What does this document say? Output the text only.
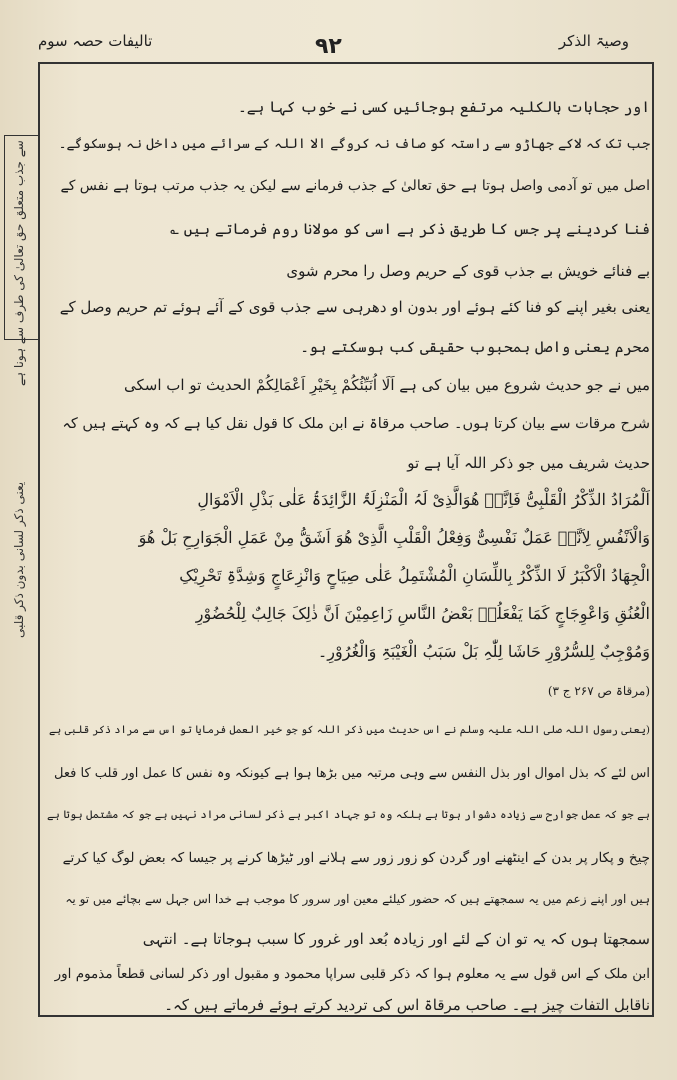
وصیۃ الذکر
۹۲
تالیفات حصہ سوم
سے جذب متعلق حق تعالیٰ کی طرف سے ہونا ہے
یعنی ذکر لسانی بدون ذکر قلبی
اور حجابات بالکلیہ مرتفع ہوجائیں کسی نے خوب کہا ہے۔
جب تک کہ لاکے جھاڑو سے راستہ کو صاف نہ کروگے الا اللہ کے سرائے میں داخل نہ ہوسکوگے۔
اصل میں تو آدمی واصل ہوتا ہے حق تعالیٰ کے جذب فرمانے سے لیکن یہ جذب مرتب ہوتا ہے نفس کے
فنا کردینے پر جس کا طریق ذکر ہے اسی کو مولانا روم فرماتے ہیں ؎
بے فنائے خویش بے جذب قوی کے حریم وصل را محرم شوی
یعنی بغیر اپنے کو فنا کئے ہوئے اور بدون او دھرہی سے جذب قوی کے آئے ہوئے تم حریم وصل کے
محرم یعنی واصل بمحبوب حقیقی کب ہوسکتے ہو۔
میں نے جو حدیث شروع میں بیان کی ہے اَلَا اُنَبِّئُکُمْ بِخَیْرِ اَعْمَالِکُمْ الحدیث تو اب اسکی
شرح مرقات سے بیان کرتا ہوں۔ صاحب مرقاۃ نے ابن ملک کا قول نقل کیا ہے کہ وہ کہتے ہیں کہ
حدیث شریف میں جو ذکر اللہ آیا ہے تو
اَلْمُرَادُ الذِّکْرُ الْقَلْبِیُّ فَاِنَّہٗ ھُوَالَّذِیْ لَہُ الْمَنْزِلَۃُ الزَّائِدَۃُ عَلٰی بَذْلِ الْاَمْوَالِ
وَالْاَنْفُسِ لِاَنَّہٗ عَمَلٌ نَفْسِیٌّ وَفِعْلُ الْقَلْبِ الَّذِیْ ھُوَ اَشَقُّ مِنْ عَمَلِ الْجَوَارِحِ بَلْ ھُوَ
الْجِھَادُ الْاَکْبَرُ لَا الذِّکْرُ بِاللِّسَانِ الْمُشْتَمِلُ عَلٰی صِیَاحٍ وَانْزِعَاجٍ وَشِدَّۃِ تَحْرِیْکِ
الْعُنُقِ وَاعْوِجَاجٍ کَمَا یَفْعَلُہٗ بَعْضُ النَّاسِ زَاعِمِیْنَ اَنَّ ذٰلِکَ جَالِبٌ لِلْحُضُوْرِ
وَمُوْجِبٌ لِلسُّرُوْرِ حَاشَا لِلّٰہِ بَلْ سَبَبُ الْغَیْبَۃِ وَالْغُرُوْرِ۔
(مرقاۃ ص ۲۶۷ ج ۳)
(یعنی رسول اللہ صلی اللہ علیہ وسلم نے اس حدیث میں ذکر اللہ کو جو خیر العمل فرمایا تو اس سے مراد ذکر قلبی ہے
اس لئے کہ بذل اموال اور بذل النفس سے وہی مرتبہ میں بڑھا ہوا ہے کیونکہ وہ نفس کا عمل اور قلب کا فعل
ہے جو کہ عمل جوارح سے زیادہ دشوار ہوتا ہے بلکہ وہ تو جہاد اکبر ہے ذکر لسانی مراد نہیں ہے جو کہ مشتمل ہوتا ہے
چیخ و پکار پر بدن کے اینٹھنے اور گردن کو زور زور سے ہلانے اور ٹیڑھا کرنے پر جیسا کہ بعض لوگ کیا کرتے
ہیں اور اپنے زعم میں یہ سمجھتے ہیں کہ حضور کیلئے معین اور سرور کا موجب ہے خدا اس جہل سے بچائے میں تو یہ
سمجھتا ہوں کہ یہ تو ان کے لئے اور زیادہ بُعد اور غرور کا سبب ہوجاتا ہے۔ انتہی
ابن ملک کے اس قول سے یہ معلوم ہوا کہ ذکر قلبی سراپا محمود و مقبول اور ذکر لسانی قطعاً مذموم اور
ناقابل التفات چیز ہے۔ صاحب مرقاۃ اس کی تردید کرتے ہوئے فرماتے ہیں کہ۔
